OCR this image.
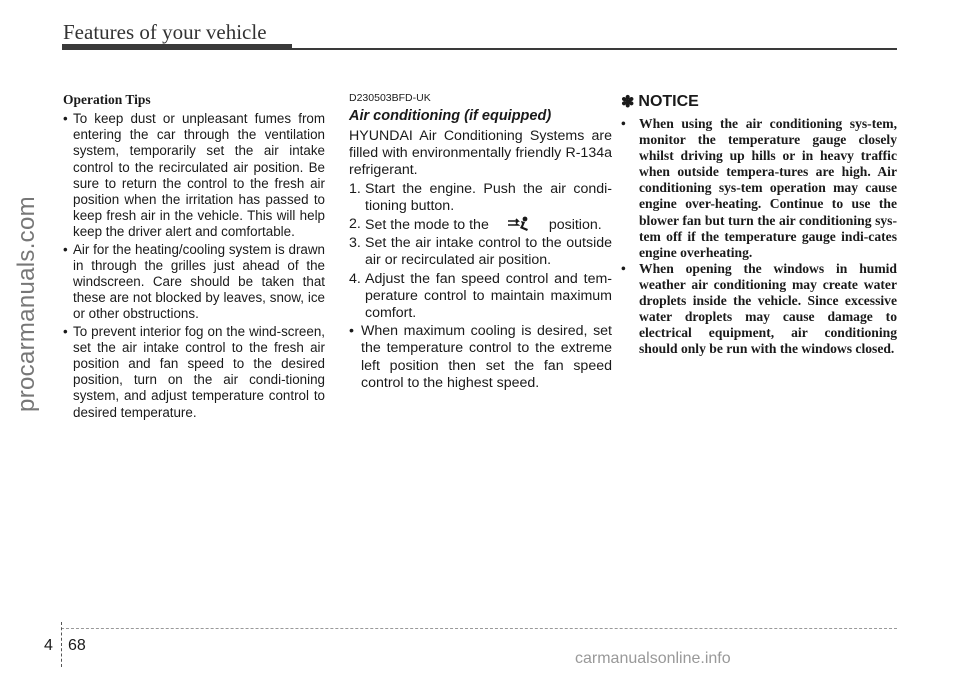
Features of your vehicle
procarmanuals.com
Operation Tips
• To keep dust or unpleasant fumes from entering the car through the ventilation system, temporarily set the air intake control to the recirculated air position. Be sure to return the control to the fresh air position when the irritation has passed to keep fresh air in the vehicle. This will help keep the driver alert and comfortable.
• Air for the heating/cooling system is drawn in through the grilles just ahead of the windscreen. Care should be taken that these are not blocked by leaves, snow, ice or other obstructions.
• To prevent interior fog on the wind-screen, set the air intake control to the fresh air position and fan speed to the desired position, turn on the air condi-tioning system, and adjust temperature control to desired temperature.
D230503BFD-UK
Air conditioning (if equipped)
HYUNDAI Air Conditioning Systems are filled with environmentally friendly R-134a refrigerant.
1. Start the engine. Push the air condi-tioning button.
2. Set the mode to the	position.
3. Set the air intake control to the outside air or recirculated air position.
4. Adjust the fan speed control and tem-perature control to maintain maximum comfort.
• When maximum cooling is desired, set the temperature control to the extreme left position then set the fan speed control to the highest speed.
✽ NOTICE
• When using the air conditioning sys-tem, monitor the temperature gauge closely whilst driving up hills or in heavy traffic when outside tempera-tures are high. Air conditioning sys-tem operation may cause engine over-heating. Continue to use the blower fan but turn the air conditioning sys-tem off if the temperature gauge indi-cates engine overheating.
• When opening the windows in humid weather air conditioning may create water droplets inside the vehicle. Since excessive water droplets may cause damage to electrical equipment, air conditioning should only be run with the windows closed.
4 68
carmanualsonline.info
